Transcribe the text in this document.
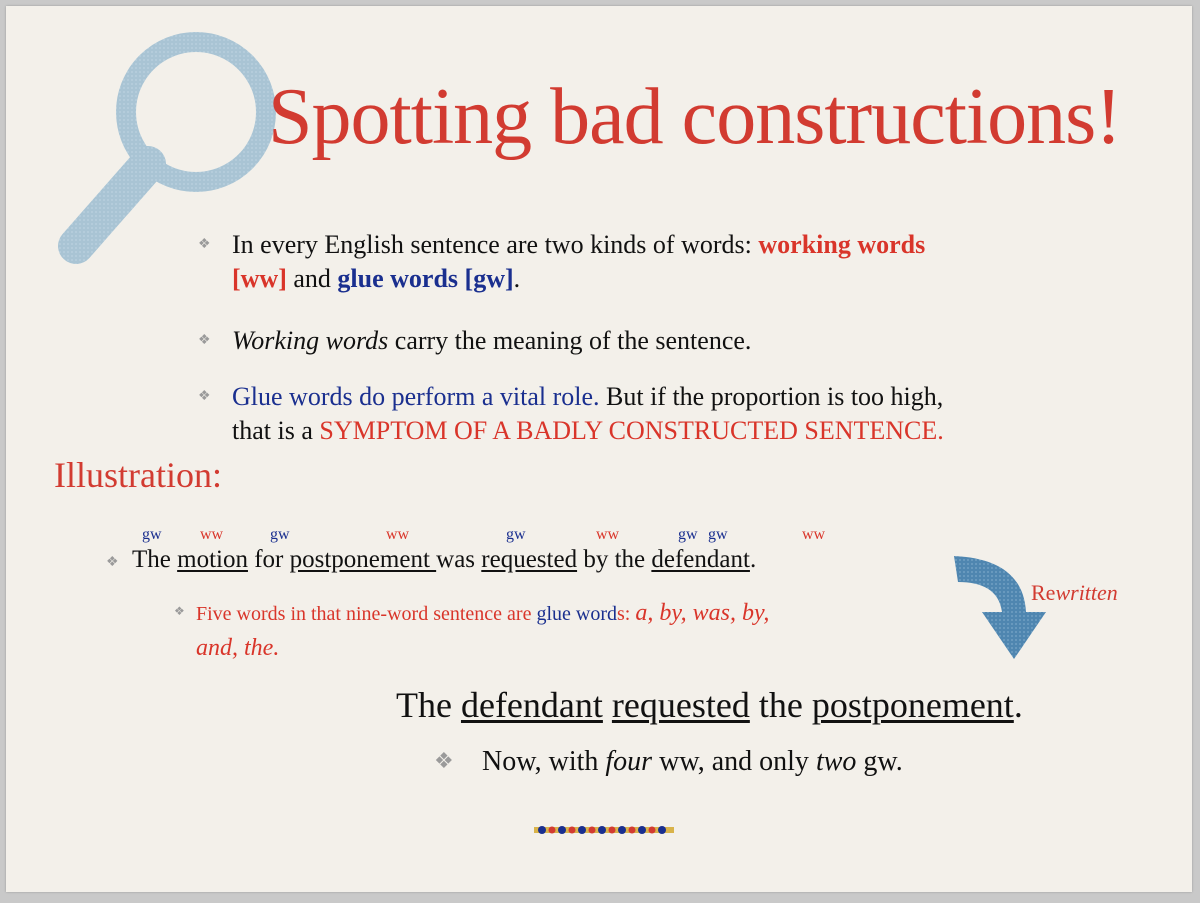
Spotting bad constructions!
❖ In every English sentence are two kinds of words: working words
[ww] and glue words [gw].
❖ Working words carry the meaning of the sentence.
❖ Glue words do perform a vital role. But if the proportion is too high,
that is a SYMPTOM OF A BADLY CONSTRUCTED SENTENCE.
Illustration:
gw ww	gw	ww	gw	ww	gw gw	ww
❖ The motion for postponement was requested by the defendant.
❖ Five words in that nine-word sentence are glue words: a, by, was, by,
and, the.
Rewritten
The defendant requested the postponement.
❖ Now, with four ww, and only two gw.
